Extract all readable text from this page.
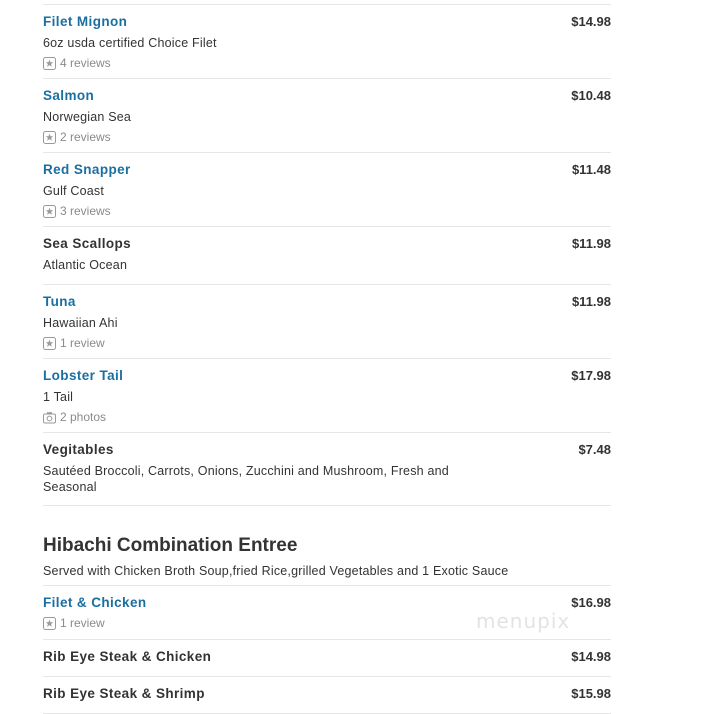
Filet Mignon	$14.98
6oz usda certified Choice Filet
4 reviews
Salmon	$10.48
Norwegian Sea
2 reviews
Red Snapper	$11.48
Gulf Coast
3 reviews
Sea Scallops	$11.98
Atlantic Ocean
Tuna	$11.98
Hawaiian Ahi
1 review
Lobster Tail	$17.98
1 Tail
2 photos
Vegitables	$7.48
Sautéed Broccoli, Carrots, Onions, Zucchini and Mushroom, Fresh and Seasonal
Hibachi Combination Entree
Served with Chicken Broth Soup,fried Rice,grilled Vegetables and 1 Exotic Sauce
Filet & Chicken	$16.98
1 review
Rib Eye Steak & Chicken	$14.98
Rib Eye Steak & Shrimp	$15.98
menupix
